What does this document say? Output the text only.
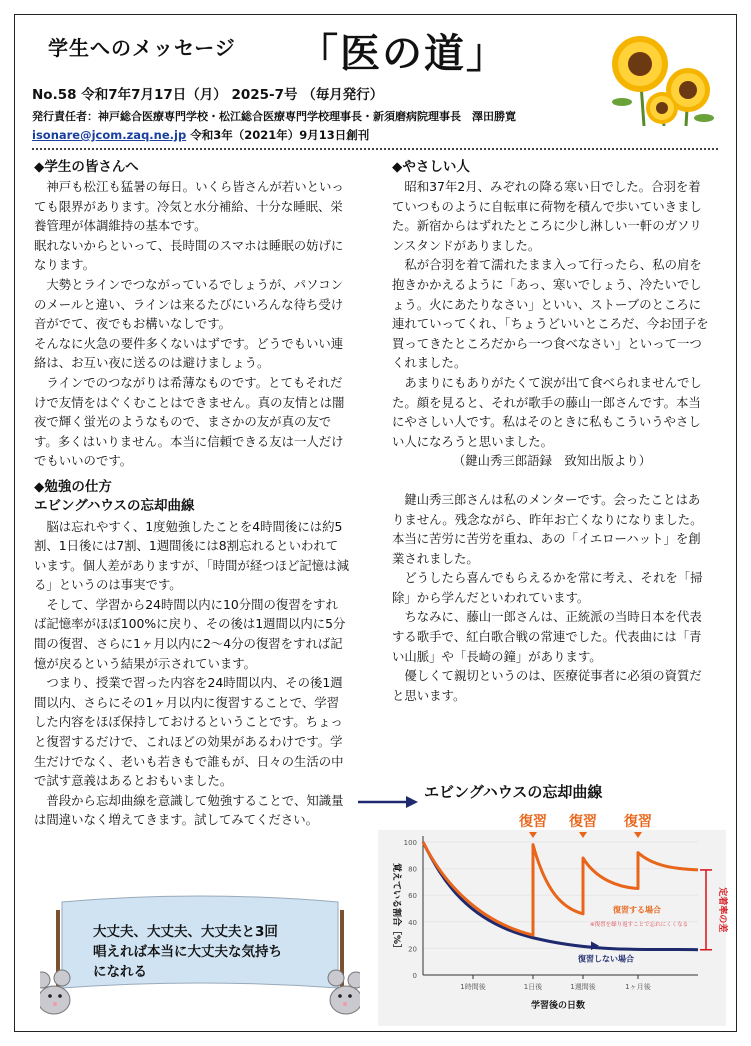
学生へのメッセージ 「医の道」
No.58 令和7年7月17日（月） 2025-7号 （毎月発行）
発行責任者：神戸総合医療専門学校・松江総合医療専門学校理事長・新須磨病院理事長　澤田勝寛
isonare@jcom.zaq.ne.jp 令和3年（2021年）9月13日創刊
◆学生の皆さんへ

神戸も松江も猛暑の毎日。いくら皆さんが若いといっても限界があります。冷気と水分補給、十分な睡眠、栄養管理が体調維持の基本です。

眠れないからといって、長時間のスマホは睡眠の妨げになります。

大勢とラインでつながっているでしょうが、パソコンのメールと違い、ラインは来るたびにいろんな待ち受け音がでて、夜でもお構いなしです。

そんなに火急の要件多くないはずです。どうでもいい連絡は、お互い夜に送るのは避けましょう。

ラインでのつながりは希薄なものです。とてもそれだけで友情をはぐくむことはできません。真の友情とは闇夜で輝く蛍光のようなもので、まさかの友が真の友です。多くはいりません。本当に信頼できる友は一人だけでもいいのです。

◆勉強の仕方
エビングハウスの忘却曲線

脳は忘れやすく、1度勉強したことを4時間後には約5割、1日後には7割、1週間後には8割忘れるといわれています。個人差がありますが、「時間が経つほど記憶は減る」というのは事実です。

そして、学習から24時間以内に10分間の復習をすれば記憶率がほぼ100%に戻り、その後は1週間以内に5分間の復習、さらに1ヶ月以内に2～4分の復習をすれば記憶が戻るという結果が示されています。

つまり、授業で習った内容を24時間以内、その後1週間以内、さらにその1ヶ月以内に復習することで、学習した内容をほぼ保持しておけるということです。ちょっと復習するだけで、これほどの効果があるわけです。学生だけでなく、老いも若きもで誰もが、日々の生活の中で試す意義はあるとおもいました。

普段から忘却曲線を意識して勉強することで、知識量は間違いなく増えてきます。試してみてください。

◆やさしい人

昭和37年2月、みぞれの降る寒い日でした。合羽を着ていつものように自転車に荷物を積んで歩いていきました。新宿からはずれたところに少し淋しい一軒のガソリンスタンドがありました。

私が合羽を着て濡れたまま入って行ったら、私の肩を抱きかかえるように「あっ、寒いでしょう、冷たいでしょう。火にあたりなさい」といい、ストーブのところに連れていってくれ、「ちょうどいいところだ、今お団子を買ってきたところだから一つ食べなさい」といって一つくれました。

あまりにもありがたくて涙が出て食べられませんでした。顔を見ると、それが歌手の藤山一郎さんです。本当にやさしい人です。私はそのときに私もこういうやさしい人になろうと思いました。

（鍵山秀三郎語録　致知出版より）

鍵山秀三郎さんは私のメンターです。会ったことはありません。残念ながら、昨年お亡くなりになりました。本当に苦労に苦労を重ね、あの「イエローハット」を創業されました。

どうしたら喜んでもらえるかを常に考え、それを「掃除」から学んだといわれています。

ちなみに、藤山一郎さんは、正統派の当時日本を代表する歌手で、紅白歌合戦の常連でした。代表曲には「青い山脈」や「長崎の鐘」があります。

優しくて親切というのは、医療従事者に必須の資質だと思います。

大丈夫、大丈夫、大丈夫と3回唱えれば本当に大丈夫な気持ちになれる
エビングハウスの忘却曲線
0
20
40
60
80
100
1時間後	1日後	1週間後	1ヶ月後
覚えている割合［%］
学習後の日数
復習 復習 復習
復習する場合
※復習を繰り返すことで忘れにくくなる
復習しない場合
定着率の差
